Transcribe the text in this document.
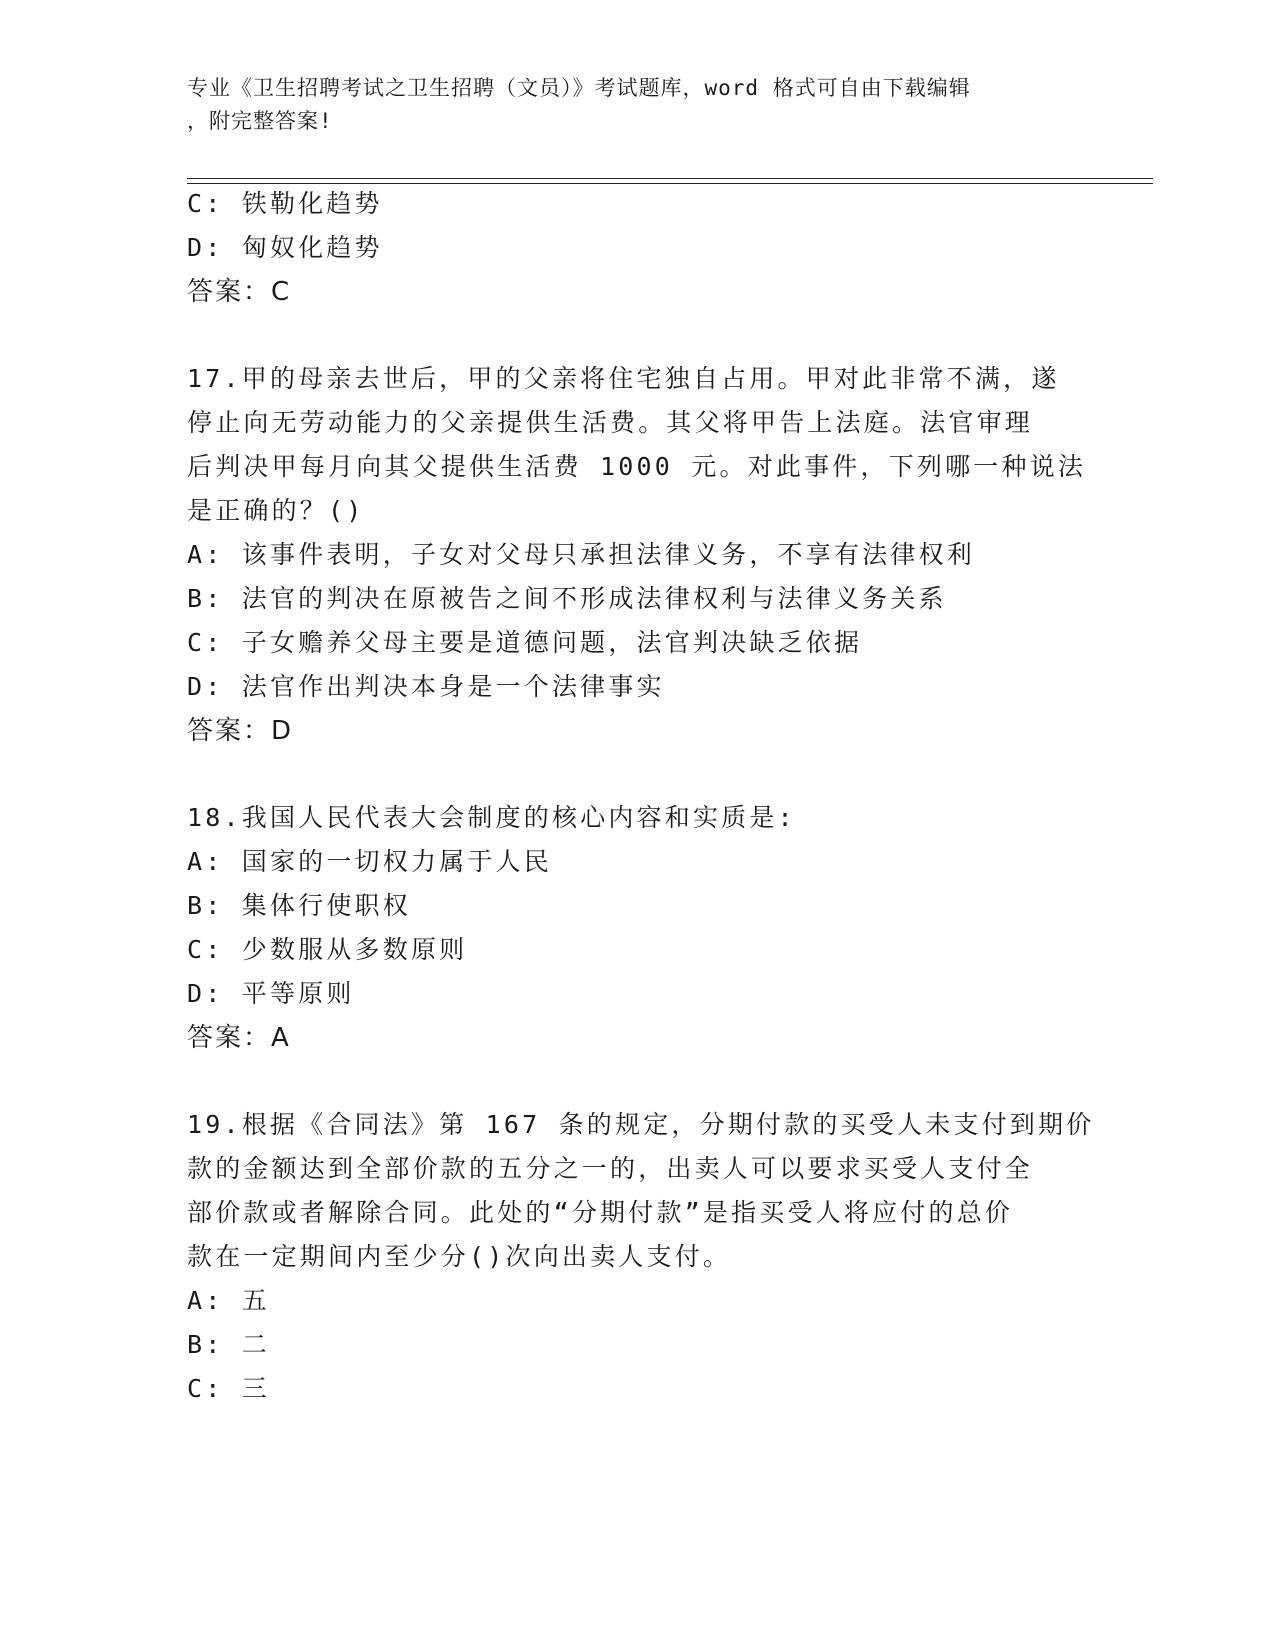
专业《卫生招聘考试之卫生招聘（文员）》考试题库，word 格式可自由下载编辑
，附完整答案!
C: 铁勒化趋势
D: 匈奴化趋势
答案：C
17.甲的母亲去世后，甲的父亲将住宅独自占用。甲对此非常不满，遂
停止向无劳动能力的父亲提供生活费。其父将甲告上法庭。法官审理
后判决甲每月向其父提供生活费 1000 元。对此事件，下列哪一种说法
是正确的？()
A: 该事件表明，子女对父母只承担法律义务，不享有法律权利
B: 法官的判决在原被告之间不形成法律权利与法律义务关系
C: 子女赡养父母主要是道德问题，法官判决缺乏依据
D: 法官作出判决本身是一个法律事实
答案：D
18.我国人民代表大会制度的核心内容和实质是:
A: 国家的一切权力属于人民
B: 集体行使职权
C: 少数服从多数原则
D: 平等原则
答案：A
19.根据《合同法》第 167 条的规定，分期付款的买受人未支付到期价
款的金额达到全部价款的五分之一的，出卖人可以要求买受人支付全
部价款或者解除合同。此处的“分期付款”是指买受人将应付的总价
款在一定期间内至少分()次向出卖人支付。
A: 五
B: 二
C: 三
